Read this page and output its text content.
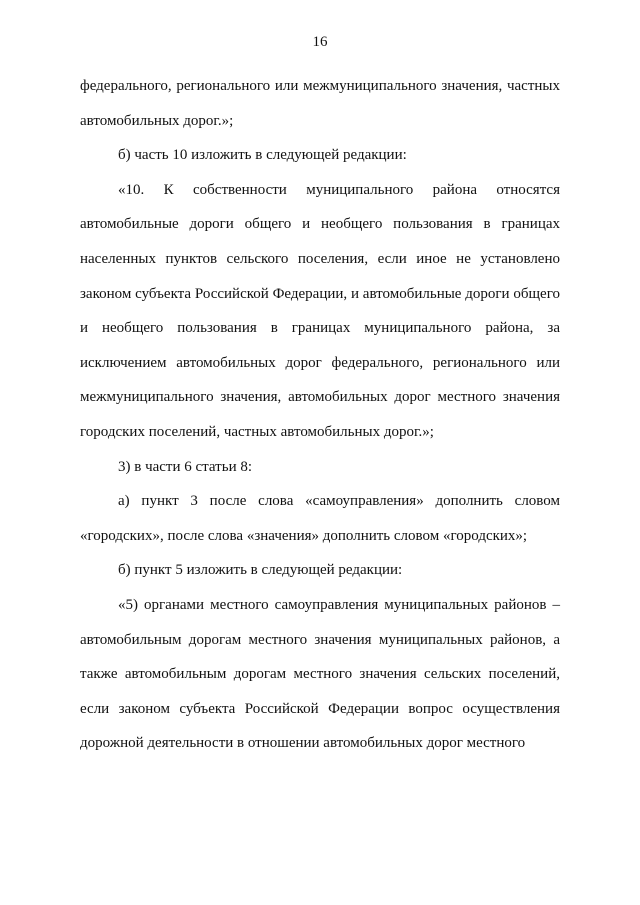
16

федерального, регионального или межмуниципального значения, частных автомобильных дорог.»;

б) часть 10 изложить в следующей редакции:

«10. К собственности муниципального района относятся автомобильные дороги общего и необщего пользования в границах населенных пунктов сельского поселения, если иное не установлено законом субъекта Российской Федерации, и автомобильные дороги общего и необщего пользования в границах муниципального района, за исключением автомобильных дорог федерального, регионального или межмуниципального значения, автомобильных дорог местного значения городских поселений, частных автомобильных дорог.»;

3) в части 6 статьи 8:

а) пункт 3 после слова «самоуправления» дополнить словом «городских», после слова «значения» дополнить словом «городских»;

б) пункт 5 изложить в следующей редакции:

«5) органами местного самоуправления муниципальных районов – автомобильным дорогам местного значения муниципальных районов, а также автомобильным дорогам местного значения сельских поселений, если законом субъекта Российской Федерации вопрос осуществления дорожной деятельности в отношении автомобильных дорог местного
